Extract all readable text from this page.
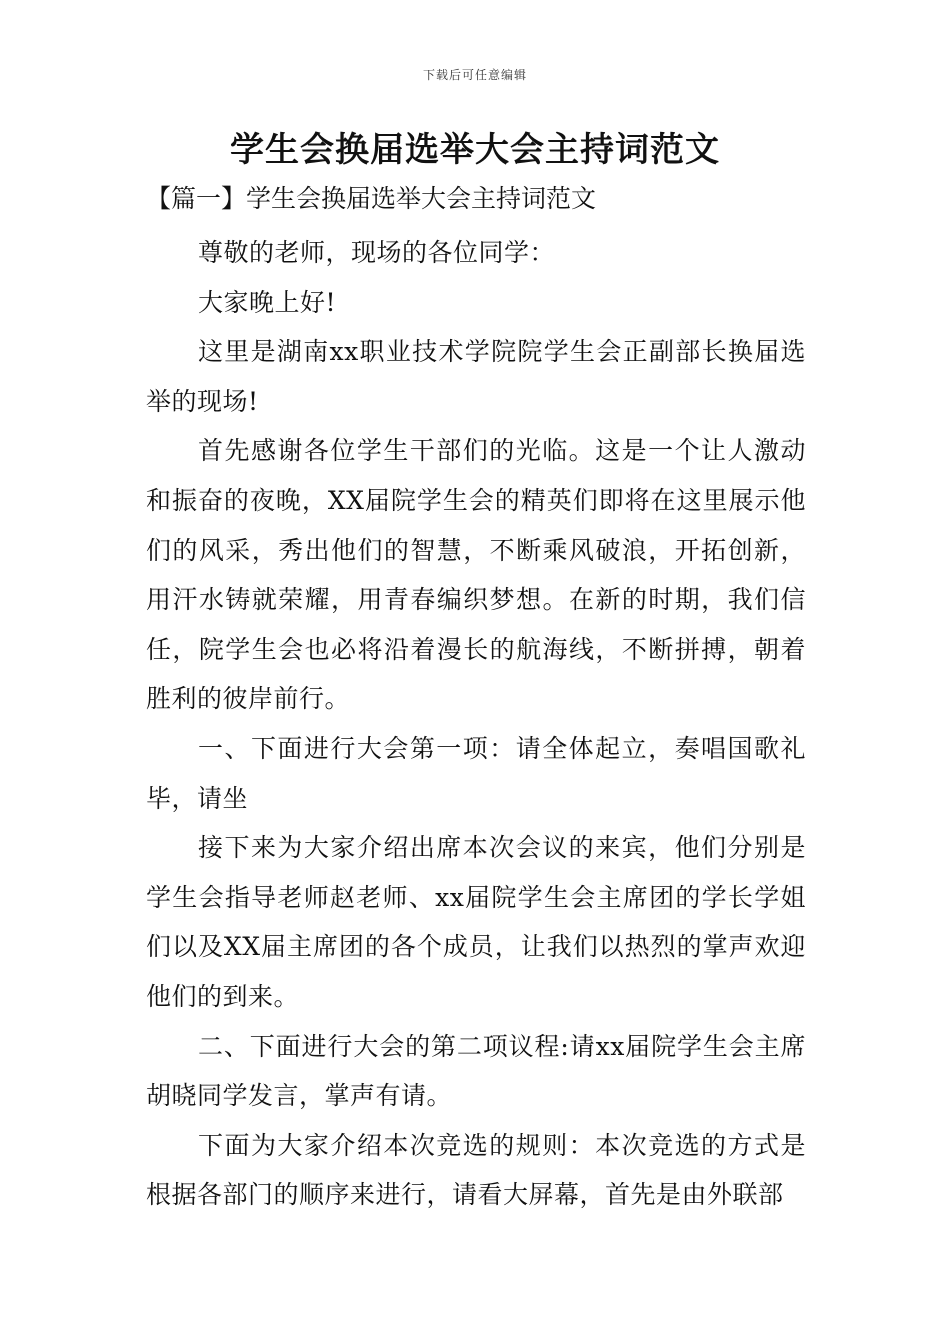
下载后可任意编辑
学生会换届选举大会主持词范文

【篇一】学生会换届选举大会主持词范文

尊敬的老师，现场的各位同学：

大家晚上好!

这里是湖南xx职业技术学院院学生会正副部长换届选举的现场!

首先感谢各位学生干部们的光临。这是一个让人激动和振奋的夜晚，XX届院学生会的精英们即将在这里展示他们的风采，秀出他们的智慧，不断乘风破浪，开拓创新，用汗水铸就荣耀，用青春编织梦想。在新的时期，我们信任，院学生会也必将沿着漫长的航海线，不断拼搏，朝着胜利的彼岸前行。

一、下面进行大会第一项：请全体起立，奏唱国歌礼毕，请坐

接下来为大家介绍出席本次会议的来宾，他们分别是学生会指导老师赵老师、xx届院学生会主席团的学长学姐们以及XX届主席团的各个成员，让我们以热烈的掌声欢迎他们的到来。

二、下面进行大会的第二项议程:请xx届院学生会主席胡晓同学发言，掌声有请。

下面为大家介绍本次竞选的规则：本次竞选的方式是根据各部门的顺序来进行，请看大屏幕，首先是由外联部
